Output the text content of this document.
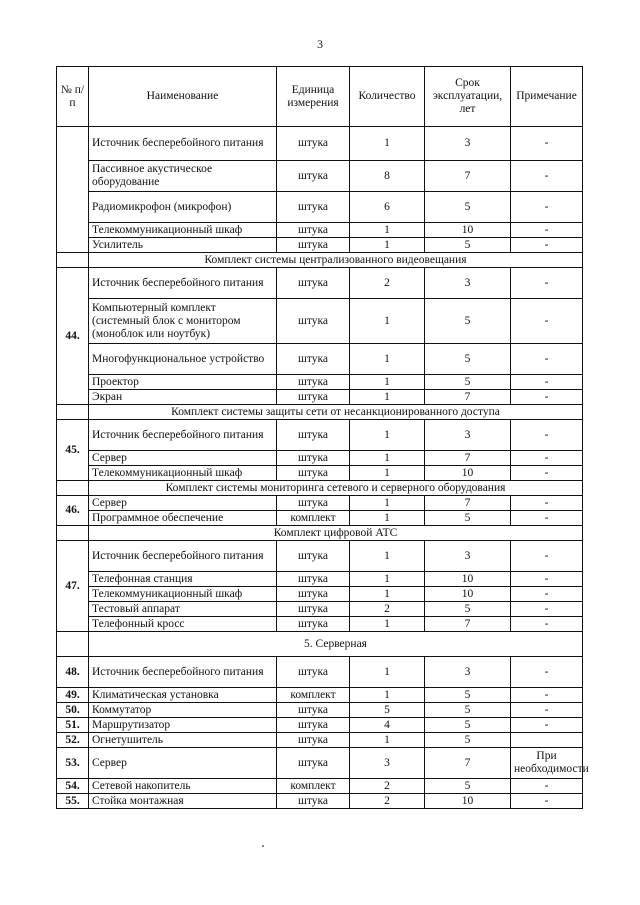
3
№ п/п	Наименование	Единица измерения	Количество	Срок эксплуатации, лет	Примечание
	Источник бесперебойного питания	штука	1	3	-
	Пассивное акустическое оборудование	штука	8	7	-
	Радиомикрофон (микрофон)	штука	6	5	-
	Телекоммуникационный шкаф	штука	1	10	-
	Усилитель	штука	1	5	-
	Комплект системы централизованного видеовещания				
44.	Источник бесперебойного питания	штука	2	3	-
	Компьютерный комплект (системный блок с монитором (моноблок или ноутбук)	штука	1	5	-
	Многофункциональное устройство	штука	1	5	-
	Проектор	штука	1	5	-
	Экран	штука	1	7	-
	Комплект системы защиты сети от несанкционированного доступа				
45.	Источник бесперебойного питания	штука	1	3	-
	Сервер	штука	1	7	-
	Телекоммуникационный шкаф	штука	1	10	-
	Комплект системы мониторинга сетевого и серверного оборудования				
46.	Сервер	штука	1	7	-
	Программное обеспечение	комплект	1	5	-
	Комплект цифровой АТС				
47.	Источник бесперебойного питания	штука	1	3	-
	Телефонная станция	штука	1	10	-
	Телекоммуникационный шкаф	штука	1	10	-
	Тестовый аппарат	штука	2	5	-
	Телефонный кросс	штука	1	7	-
	5. Серверная				
48.	Источник бесперебойного питания	штука	1	3	-
49.	Климатическая установка	комплект	1	5	-
50.	Коммутатор	штука	5	5	-
51.	Маршрутизатор	штука	4	5	-
52.	Огнетушитель	штука	1	5	
53.	Сервер	штука	3	7	При необходимости
54.	Сетевой накопитель	комплект	2	5	-
55.	Стойка монтажная	штука	2	10	-
